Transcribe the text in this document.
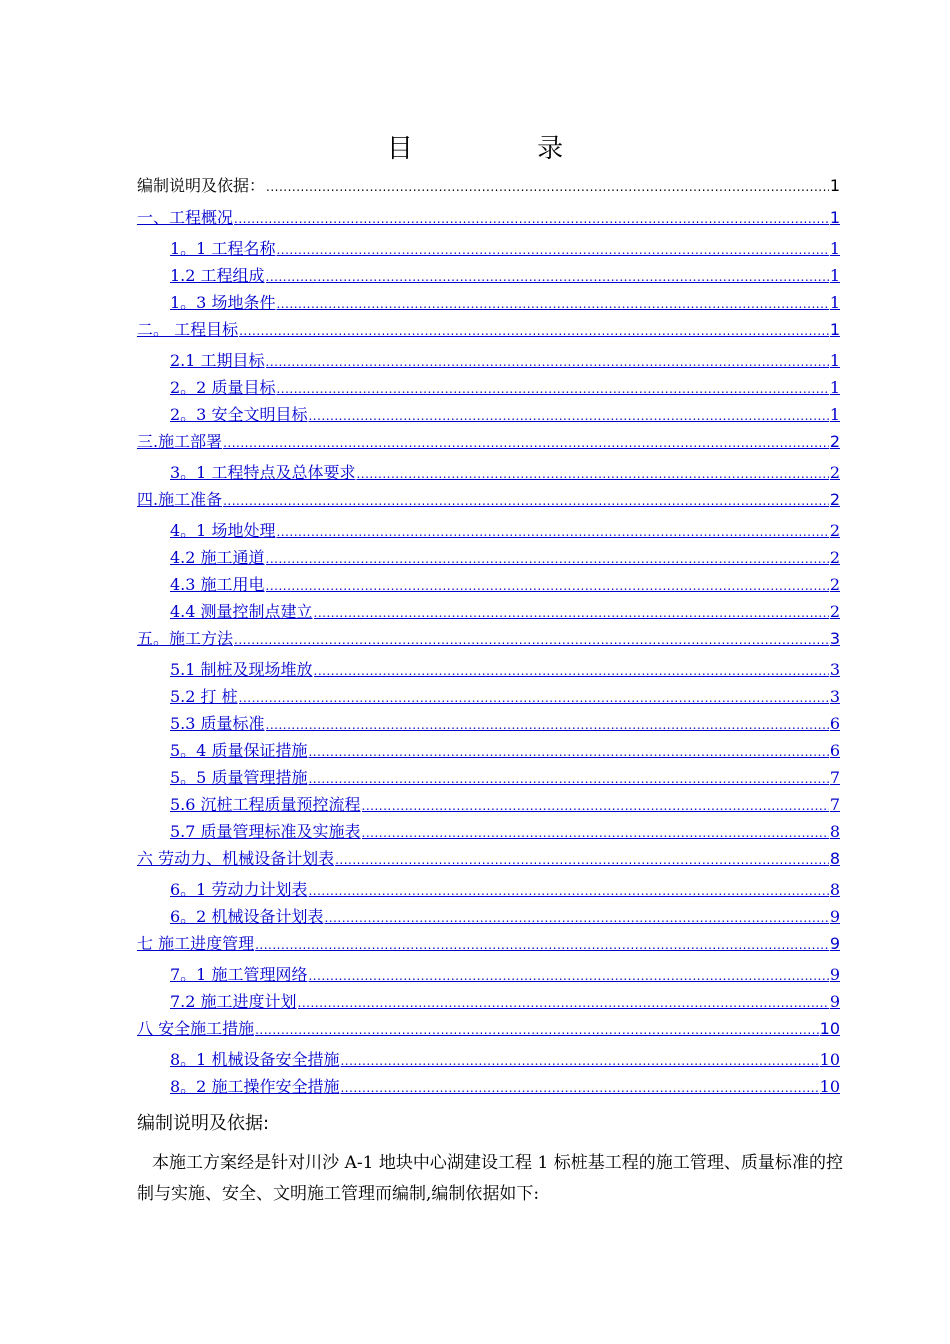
目 录
编制说明及依据： .....	1
一、工程概况 .....	1
1。1 工程名称 .....	1
1.2 工程组成 .....	1
1。3 场地条件 .....	1
二。 工程目标 .....	1
2.1 工期目标 .....	1
2。2 质量目标 .....	1
2。3 安全文明目标 .....	1
三.施工部署 .....	2
3。1 工程特点及总体要求 .....	2
四.施工准备 .....	2
4。1 场地处理 .....	2
4.2 施工通道 .....	2
4.3 施工用电 .....	2
4.4 测量控制点建立 .....	2
五。施工方法 .....	3
5.1 制桩及现场堆放 .....	3
5.2 打 桩 .....	3
5.3 质量标准 .....	6
5。4 质量保证措施 .....	6
5。5 质量管理措施 .....	7
5.6 沉桩工程质量预控流程 .....	7
5.7 质量管理标准及实施表 .....	8
六 劳动力、机械设备计划表 .....	8
6。1 劳动力计划表 .....	8
6。2 机械设备计划表 .....	9
七 施工进度管理 .....	9
7。1 施工管理网络 .....	9
7.2 施工进度计划 .....	9
八 安全施工措施 .....	10
8。1 机械设备安全措施 .....	10
8。2 施工操作安全措施 .....	10
编制说明及依据:
本施工方案经是针对川沙 A-1 地块中心湖建设工程 1 标桩基工程的施工管理、质量标准的控制与实施、安全、文明施工管理而编制,编制依据如下:
